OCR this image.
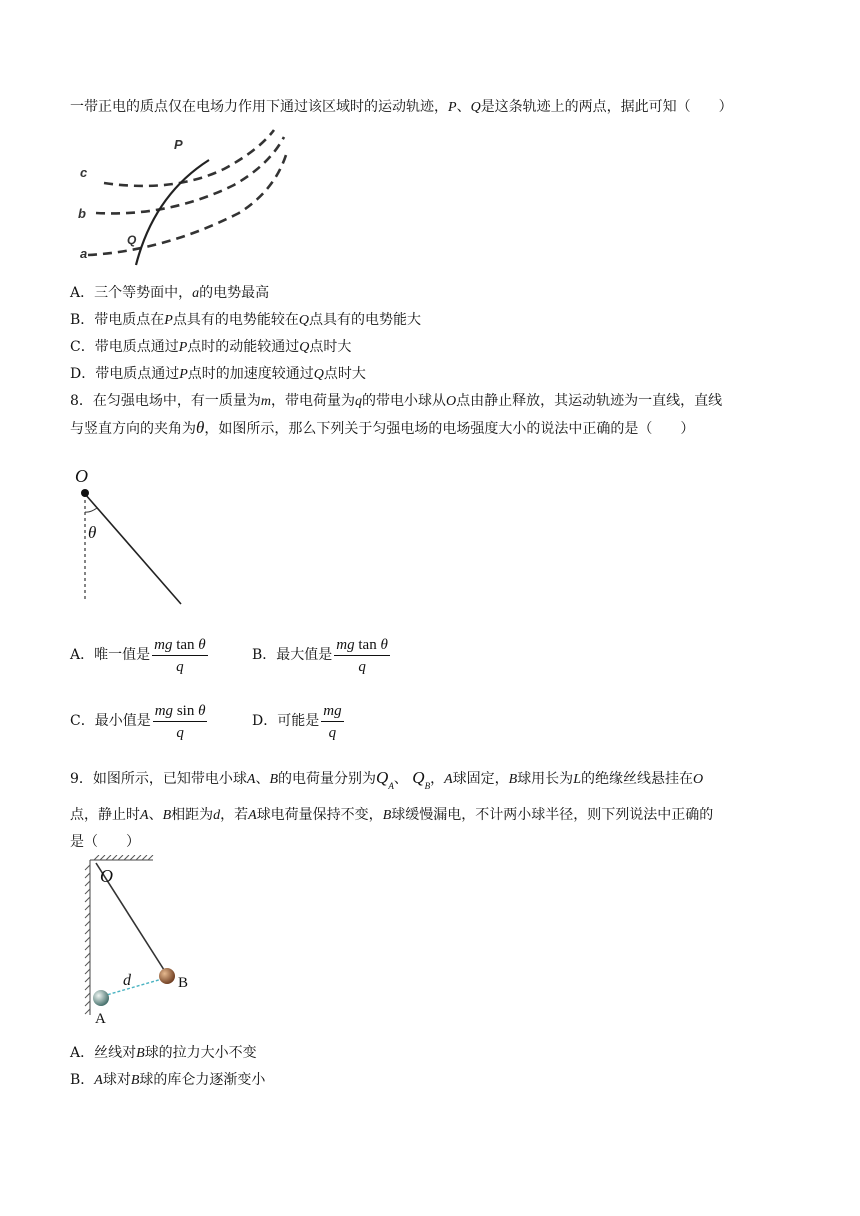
一带正电的质点仅在电场力作用下通过该区域时的运动轨迹，P、Q是这条轨迹上的两点，据此可知（　　）
c
b
a
P
Q
A．三个等势面中，a的电势最高
B．带电质点在P点具有的电势能较在Q点具有的电势能大
C．带电质点通过P点时的动能较通过Q点时大
D．带电质点通过P点时的加速度较通过Q点时大
8．在匀强电场中，有一质量为m，带电荷量为q的带电小球从O点由静止释放，其运动轨迹为一直线，直线
与竖直方向的夹角为θ，如图所示，那么下列关于匀强电场的电场强度大小的说法中正确的是（　　）
O
θ
A．唯一值是 $\frac{\text{mg tan θ}}{q}$	B．最大值是 $\frac{\text{mg tan θ}}{q}$
C．最小值是 $\frac{\text{mg sin θ}}{q}$	D．可能是 $\frac{mg}{q}$
9．如图所示，已知带电小球A、B的电荷量分别为$Q_A$、 $Q_B$，A球固定，B球用长为L的绝缘丝线悬挂在O
点，静止时A、B相距为d，若A球电荷量保持不变，B球缓慢漏电，不计两小球半径，则下列说法中正确的
是（　　）
O
d	B
A
A．丝线对B球的拉力大小不变
B．A球对B球的库仑力逐渐变小
